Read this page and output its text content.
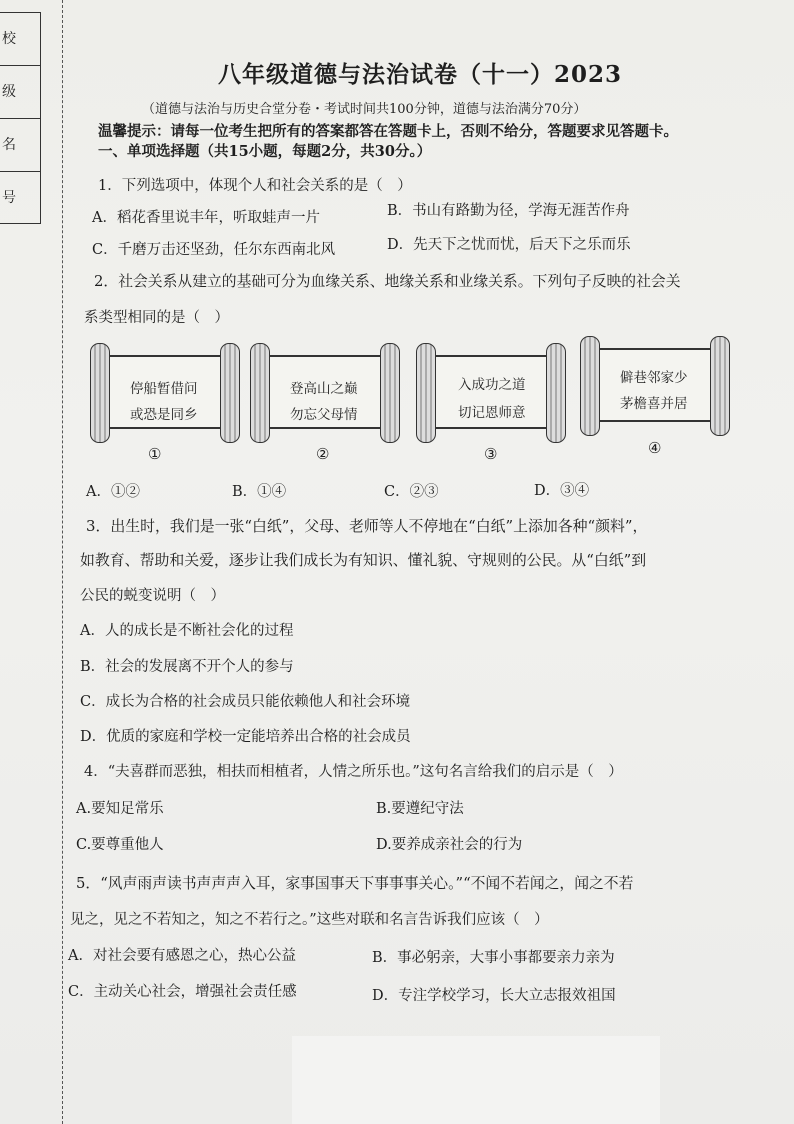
校
级
名
号
八年级道德与法治试卷（十一）2023
（道德与法治与历史合堂分卷・考试时间共100分钟，道德与法治满分70分）
温馨提示：请每一位考生把所有的答案都答在答题卡上，否则不给分，答题要求见答题卡。
一、单项选择题（共15小题，每题2分，共30分。）
1．下列选项中，体现个人和社会关系的是（　）
A．稻花香里说丰年，听取蛙声一片	B．书山有路勤为径，学海无涯苦作舟
C．千磨万击还坚劲，任尔东西南北风	D．先天下之忧而忧，后天下之乐而乐
2．社会关系从建立的基础可分为血缘关系、地缘关系和业缘关系。下列句子反映的社会关
系类型相同的是（　）
停船暂借问
或恐是同乡
登高山之巅
勿忘父母情
入成功之道
切记恩师意
僻巷邻家少
茅檐喜并居
①	②	③	④
A．①②	B．①④	C．②③	D．③④
3．出生时，我们是一张“白纸”，父母、老师等人不停地在“白纸”上添加各种“颜料”，
如教育、帮助和关爱，逐步让我们成长为有知识、懂礼貌、守规则的公民。从“白纸”到
公民的蜕变说明（　）
A．人的成长是不断社会化的过程
B．社会的发展离不开个人的参与
C．成长为合格的社会成员只能依赖他人和社会环境
D．优质的家庭和学校一定能培养出合格的社会成员
4．“夫喜群而恶独，相扶而相植者，人情之所乐也。”这句名言给我们的启示是（　）
A.要知足常乐	B.要遵纪守法
C.要尊重他人	D.要养成亲社会的行为
5．“风声雨声读书声声声入耳，家事国事天下事事事关心。”“不闻不若闻之，闻之不若
见之，见之不若知之，知之不若行之。”这些对联和名言告诉我们应该（　）
A．对社会要有感恩之心，热心公益	B．事必躬亲，大事小事都要亲力亲为
C．主动关心社会，增强社会责任感	D．专注学校学习，长大立志报效祖国
